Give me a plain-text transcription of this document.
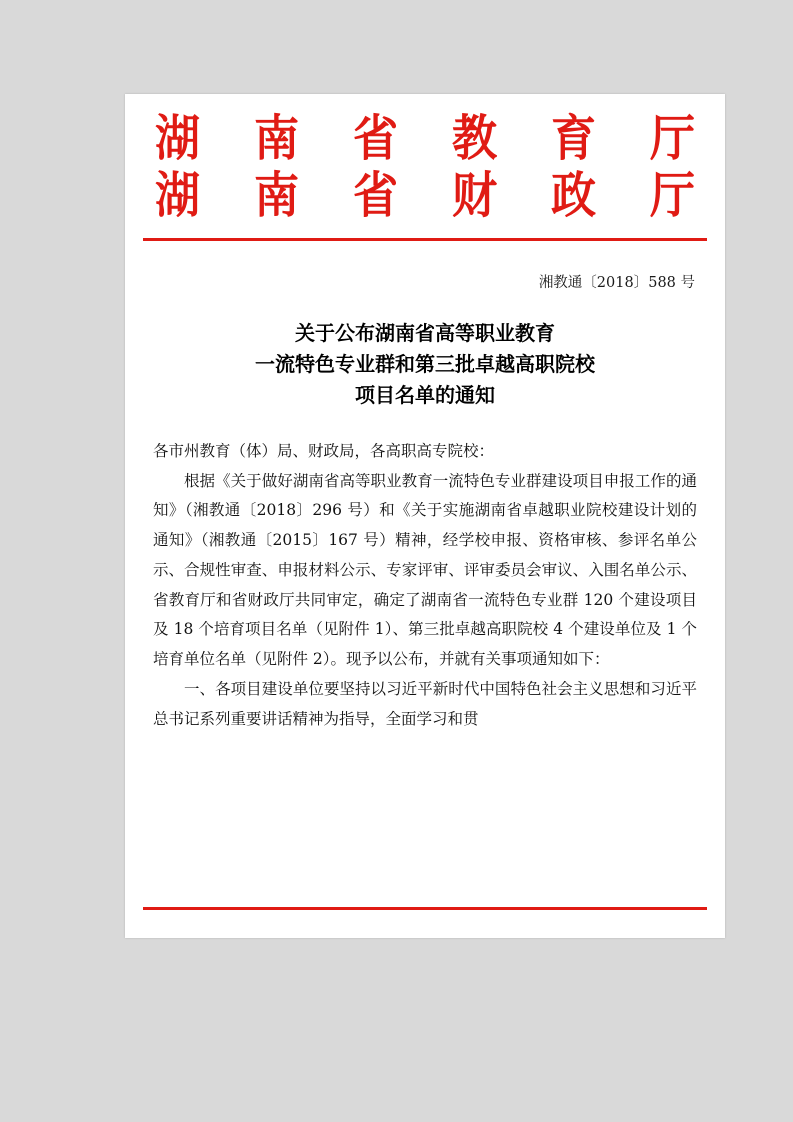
湖 南 省 教 育 厅
湖 南 省 财 政 厅
湘教通〔2018〕588 号
关于公布湖南省高等职业教育
一流特色专业群和第三批卓越高职院校
项目名单的通知

各市州教育（体）局、财政局，各高职高专院校：

根据《关于做好湖南省高等职业教育一流特色专业群建设项目申报工作的通知》（湘教通〔2018〕296 号）和《关于实施湖南省卓越职业院校建设计划的通知》（湘教通〔2015〕167 号）精神，经学校申报、资格审核、参评名单公示、合规性审查、申报材料公示、专家评审、评审委员会审议、入围名单公示、省教育厅和省财政厅共同审定，确定了湖南省一流特色专业群 120 个建设项目及 18 个培育项目名单（见附件 1）、第三批卓越高职院校 4 个建设单位及 1 个培育单位名单（见附件 2）。现予以公布，并就有关事项通知如下：

一、各项目建设单位要坚持以习近平新时代中国特色社会主义思想和习近平总书记系列重要讲话精神为指导，全面学习和贯
